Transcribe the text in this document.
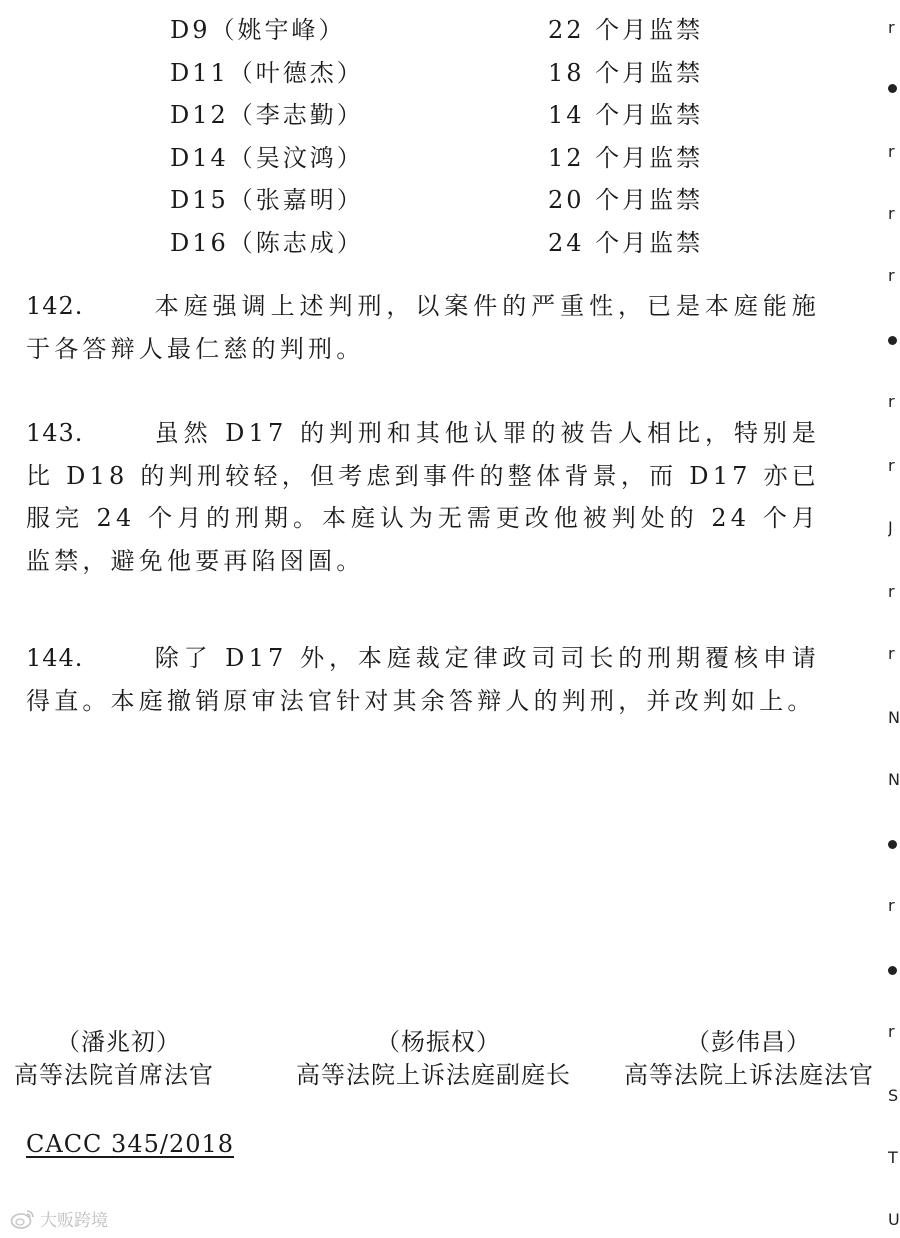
D9（姚宇峰）	22 个月监禁
D11（叶德杰）	18 个月监禁
D12（李志勤）	14 个月监禁
D14（吴汶鸿）	12 个月监禁
D15（张嘉明）	20 个月监禁
D16（陈志成）	24 个月监禁
142.	本庭强调上述判刑，以案件的严重性，已是本庭能施于各答辩人最仁慈的判刑。
143.	虽然 D17 的判刑和其他认罪的被告人相比，特别是比 D18 的判刑较轻，但考虑到事件的整体背景，而 D17 亦已服完 24 个月的刑期。本庭认为无需更改他被判处的 24 个月监禁，避免他要再陷囹圄。
144.	除了 D17 外，本庭裁定律政司司长的刑期覆核申请得直。本庭撤销原审法官针对其余答辩人的判刑，并改判如上。
（潘兆初）
高等法院首席法官
（杨振权）
高等法院上诉法庭副庭长
（彭伟昌）
高等法院上诉法庭法官
CACC 345/2018
r
r
r
r
r
r
J
r
r
N
N
r
r
S
T
U
大贩跨境
